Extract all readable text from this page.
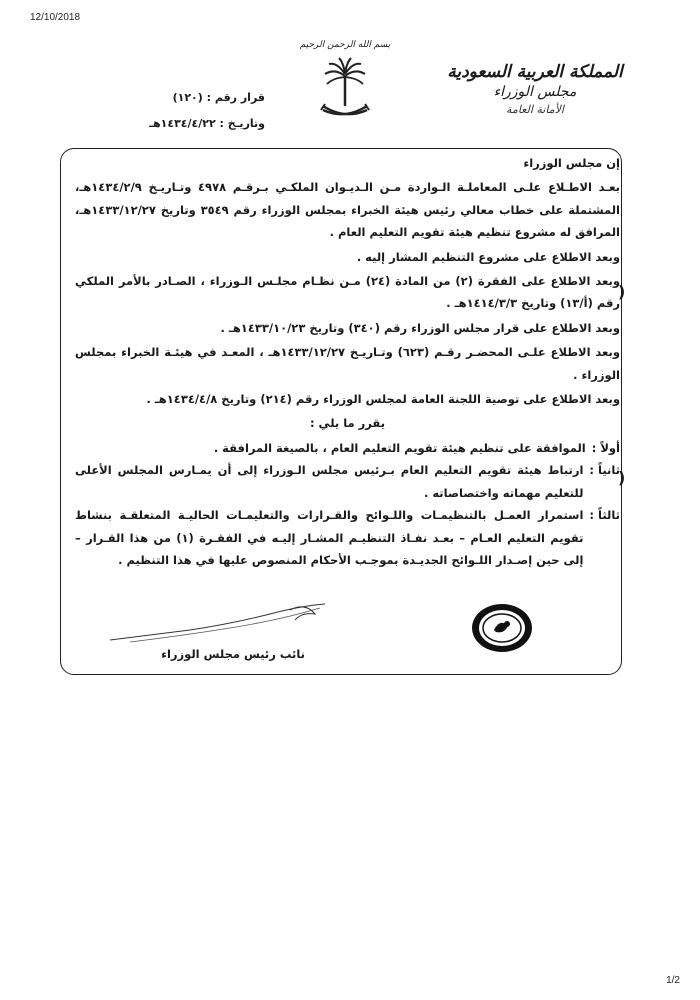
12/10/2018
المملكة العربية السعودية
مجلس الوزراء
الأمانة العامة
بسم الله الرحمن الرحيم
قرار رقم : (١٢٠)
وتاريـخ : ١٤٣٤/٤/٢٢هـ

إن مجلس الوزراء

بعـد الاطـلاع علـى المعاملـة الـواردة مـن الـديـوان الملكـي بـرقـم ٤٩٧٨ وتـاريـخ ١٤٣٤/٢/٩هـ، المشتملة على خطاب معالي رئيس هيئة الخبراء بمجلس الوزراء رقم ٣٥٤٩ وتاريخ ١٤٣٣/١٢/٢٧هـ، المرافق له مشروع تنظيم هيئة تقويم التعليم العام .

وبعد الاطلاع على مشروع التنظيم المشار إليه .

وبعد الاطلاع على الفقرة (٢) من المادة (٢٤) مـن نظـام مجلـس الـوزراء ، الصـادر بالأمر الملكي رقم (أ/١٣) وتاريخ ١٤١٤/٣/٣هـ .

وبعد الاطلاع على قرار مجلس الوزراء رقم (٣٤٠) وتاريخ ١٤٣٣/١٠/٢٣هـ .

وبعد الاطلاع علـى المحضـر رقـم (٦٢٣) وتـاريـخ ١٤٣٣/١٢/٢٧هـ ، المعـد في هيئـة الخبراء بمجلس الوزراء .

وبعد الاطلاع على توصية اللجنة العامة لمجلس الوزراء رقم (٢١٤) وتاريخ ١٤٣٤/٤/٨هـ .

يقرر ما يلي :

أولاً :
الموافقة على تنظيم هيئة تقويم التعليم العام ، بالصيغة المرافقة .
ثانياً :
ارتباط هيئة تقويم التعليم العام بـرئيس مجلس الـوزراء إلى أن يمـارس المجلس الأعلى للتعليم مهماته واختصاصاته .
ثالثاً :
استمرار العمـل بالتنظيمـات واللـوائح والقـرارات والتعليمـات الحاليـة المتعلقـة بنشاط تقويم التعليم العـام – بعـد نفـاذ التنظيـم المشـار إليـه في الفقـرة (١) من هذا القـرار – إلى حين إصـدار اللـوائح الجديـدة بموجـب الأحكام المنصوص عليها في هذا التنظيم .
نائب رئيس مجلس الوزراء
)
)
1/2
